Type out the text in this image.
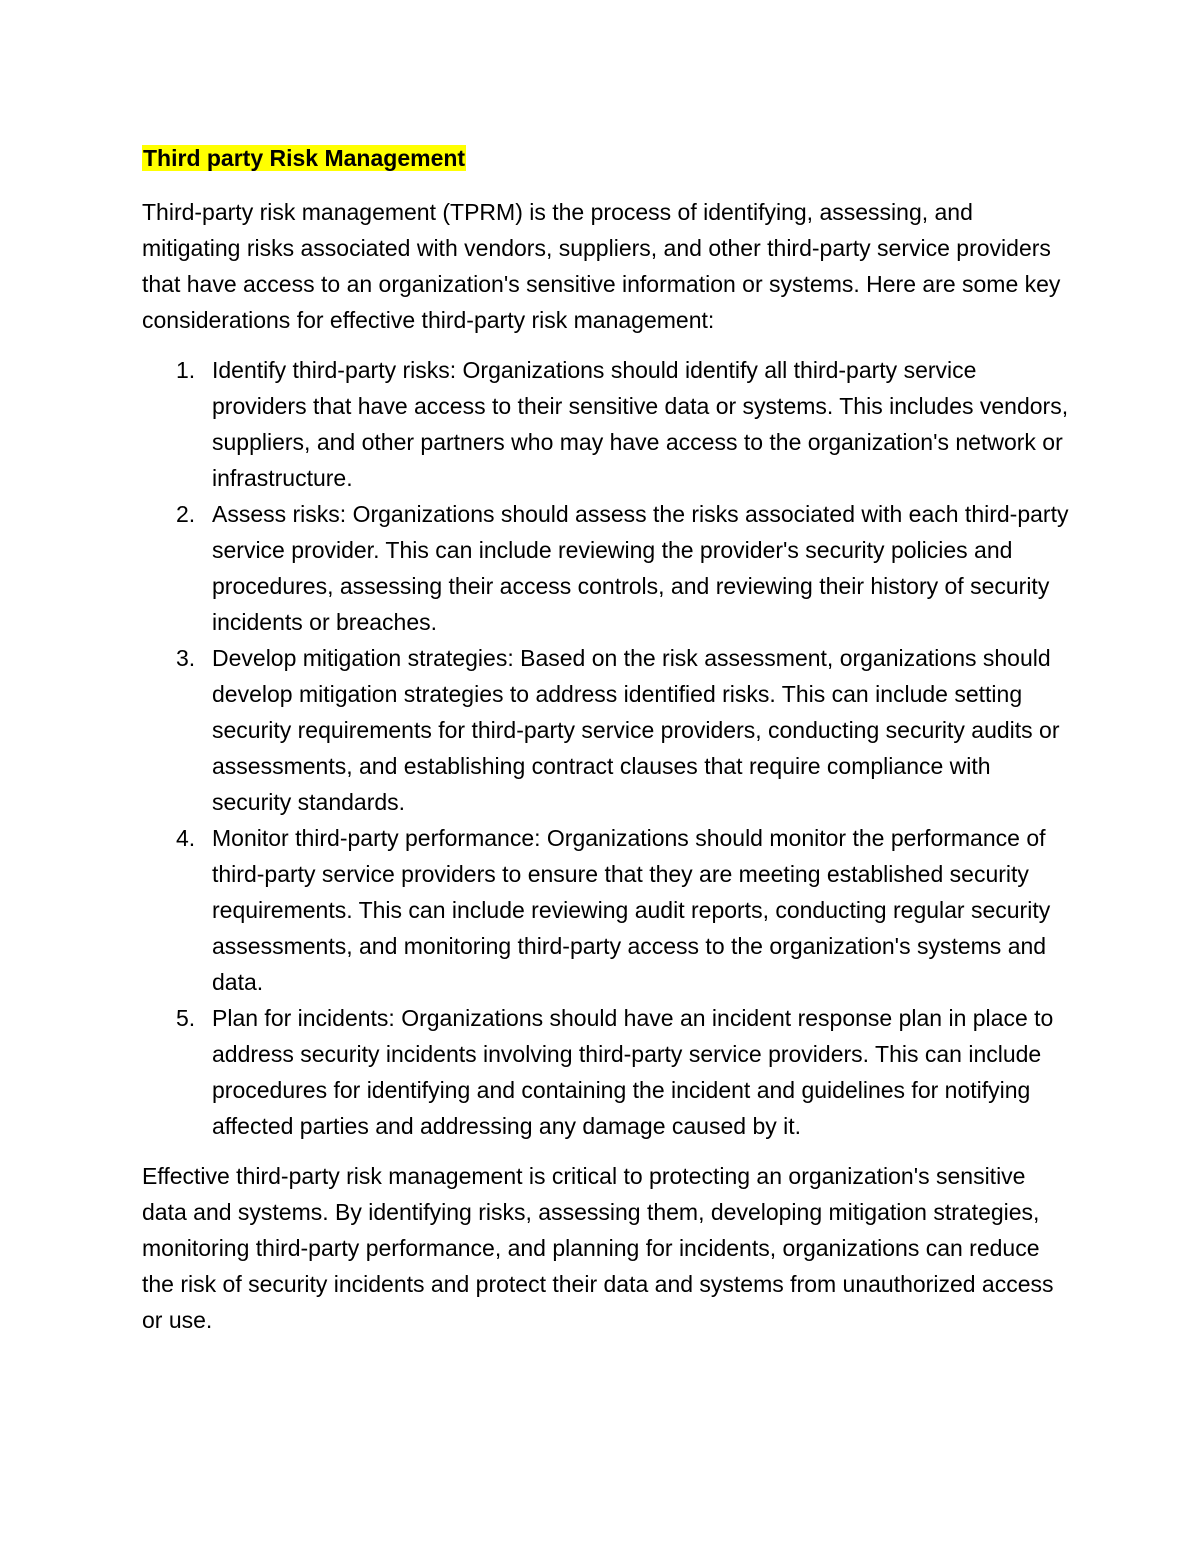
Third party Risk Management

Third-party risk management (TPRM) is the process of identifying, assessing, and mitigating risks associated with vendors, suppliers, and other third-party service providers that have access to an organization's sensitive information or systems. Here are some key considerations for effective third-party risk management:

1. Identify third-party risks: Organizations should identify all third-party service providers that have access to their sensitive data or systems. This includes vendors, suppliers, and other partners who may have access to the organization's network or infrastructure.
2. Assess risks: Organizations should assess the risks associated with each third-party service provider. This can include reviewing the provider's security policies and procedures, assessing their access controls, and reviewing their history of security incidents or breaches.
3. Develop mitigation strategies: Based on the risk assessment, organizations should develop mitigation strategies to address identified risks. This can include setting security requirements for third-party service providers, conducting security audits or assessments, and establishing contract clauses that require compliance with security standards.
4. Monitor third-party performance: Organizations should monitor the performance of third-party service providers to ensure that they are meeting established security requirements. This can include reviewing audit reports, conducting regular security assessments, and monitoring third-party access to the organization's systems and data.
5. Plan for incidents: Organizations should have an incident response plan in place to address security incidents involving third-party service providers. This can include procedures for identifying and containing the incident and guidelines for notifying affected parties and addressing any damage caused by it.

Effective third-party risk management is critical to protecting an organization's sensitive data and systems. By identifying risks, assessing them, developing mitigation strategies, monitoring third-party performance, and planning for incidents, organizations can reduce the risk of security incidents and protect their data and systems from unauthorized access or use.
